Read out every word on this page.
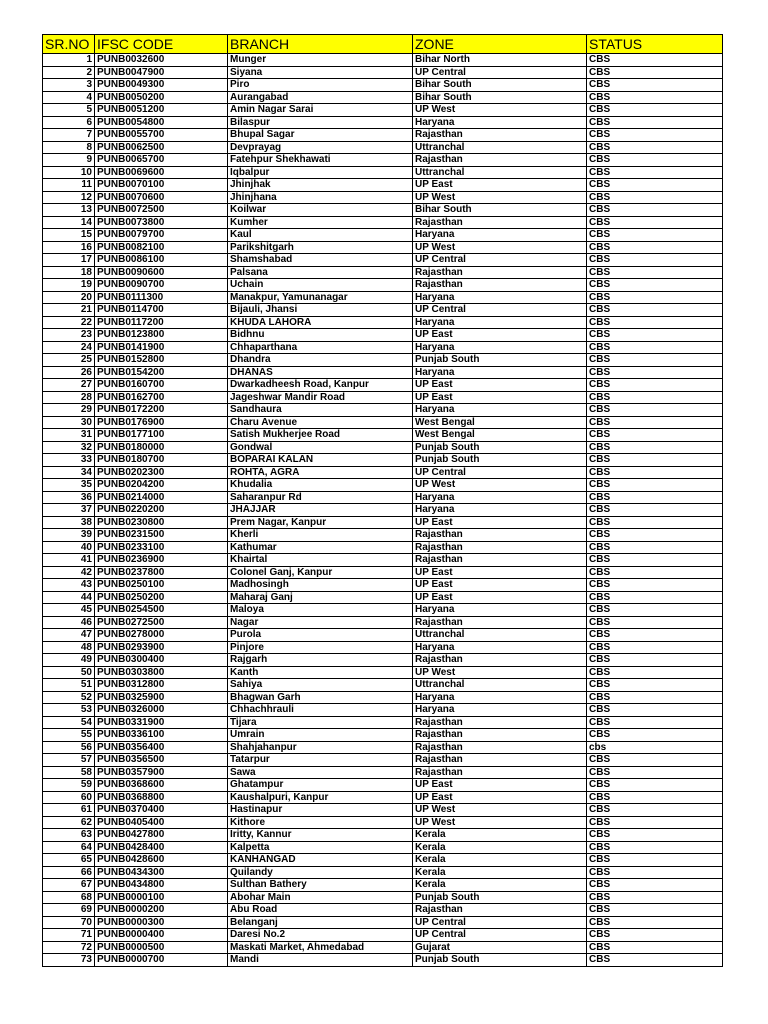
SR.NO	IFSC CODE	BRANCH	ZONE	STATUS
1	PUNB0032600	Munger	Bihar North	CBS
2	PUNB0047900	Siyana	UP Central	CBS
3	PUNB0049300	Piro	Bihar South	CBS
4	PUNB0050200	Aurangabad	Bihar South	CBS
5	PUNB0051200	Amin Nagar Sarai	UP West	CBS
6	PUNB0054800	Bilaspur	Haryana	CBS
7	PUNB0055700	Bhupal Sagar	Rajasthan	CBS
8	PUNB0062500	Devprayag	Uttranchal	CBS
9	PUNB0065700	Fatehpur Shekhawati	Rajasthan	CBS
10	PUNB0069600	Iqbalpur	Uttranchal	CBS
11	PUNB0070100	Jhinjhak	UP East	CBS
12	PUNB0070600	Jhinjhana	UP West	CBS
13	PUNB0072500	Koilwar	Bihar South	CBS
14	PUNB0073800	Kumher	Rajasthan	CBS
15	PUNB0079700	Kaul	Haryana	CBS
16	PUNB0082100	Parikshitgarh	UP West	CBS
17	PUNB0086100	Shamshabad	UP Central	CBS
18	PUNB0090600	Palsana	Rajasthan	CBS
19	PUNB0090700	Uchain	Rajasthan	CBS
20	PUNB0111300	Manakpur, Yamunanagar	Haryana	CBS
21	PUNB0114700	Bijauli, Jhansi	UP Central	CBS
22	PUNB0117200	KHUDA LAHORA	Haryana	CBS
23	PUNB0123800	Bidhnu	UP East	CBS
24	PUNB0141900	Chhaparthana	Haryana	CBS
25	PUNB0152800	Dhandra	Punjab South	CBS
26	PUNB0154200	DHANAS	Haryana	CBS
27	PUNB0160700	Dwarkadheesh Road, Kanpur	UP East	CBS
28	PUNB0162700	Jageshwar Mandir Road	UP East	CBS
29	PUNB0172200	Sandhaura	Haryana	CBS
30	PUNB0176900	Charu Avenue	West Bengal	CBS
31	PUNB0177100	Satish Mukherjee Road	West Bengal	CBS
32	PUNB0180000	Gondwal	Punjab South	CBS
33	PUNB0180700	BOPARAI KALAN	Punjab South	CBS
34	PUNB0202300	ROHTA, AGRA	UP Central	CBS
35	PUNB0204200	Khudalia	UP West	CBS
36	PUNB0214000	Saharanpur Rd	Haryana	CBS
37	PUNB0220200	JHAJJAR	Haryana	CBS
38	PUNB0230800	Prem Nagar, Kanpur	UP East	CBS
39	PUNB0231500	Kherli	Rajasthan	CBS
40	PUNB0233100	Kathumar	Rajasthan	CBS
41	PUNB0236900	Khairtal	Rajasthan	CBS
42	PUNB0237800	Colonel Ganj, Kanpur	UP East	CBS
43	PUNB0250100	Madhosingh	UP East	CBS
44	PUNB0250200	Maharaj Ganj	UP East	CBS
45	PUNB0254500	Maloya	Haryana	CBS
46	PUNB0272500	Nagar	Rajasthan	CBS
47	PUNB0278000	Purola	Uttranchal	CBS
48	PUNB0293900	Pinjore	Haryana	CBS
49	PUNB0300400	Rajgarh	Rajasthan	CBS
50	PUNB0303800	Kanth	UP West	CBS
51	PUNB0312800	Sahiya	Uttranchal	CBS
52	PUNB0325900	Bhagwan Garh	Haryana	CBS
53	PUNB0326000	Chhachhrauli	Haryana	CBS
54	PUNB0331900	Tijara	Rajasthan	CBS
55	PUNB0336100	Umrain	Rajasthan	CBS
56	PUNB0356400	Shahjahanpur	Rajasthan	cbs
57	PUNB0356500	Tatarpur	Rajasthan	CBS
58	PUNB0357900	Sawa	Rajasthan	CBS
59	PUNB0368600	Ghatampur	UP East	CBS
60	PUNB0368800	Kaushalpuri, Kanpur	UP East	CBS
61	PUNB0370400	Hastinapur	UP West	CBS
62	PUNB0405400	Kithore	UP West	CBS
63	PUNB0427800	Iritty, Kannur	Kerala	CBS
64	PUNB0428400	Kalpetta	Kerala	CBS
65	PUNB0428600	KANHANGAD	Kerala	CBS
66	PUNB0434300	Quilandy	Kerala	CBS
67	PUNB0434800	Sulthan Bathery	Kerala	CBS
68	PUNB0000100	Abohar Main	Punjab South	CBS
69	PUNB0000200	Abu Road	Rajasthan	CBS
70	PUNB0000300	Belanganj	UP Central	CBS
71	PUNB0000400	Daresi No.2	UP Central	CBS
72	PUNB0000500	Maskati Market, Ahmedabad	Gujarat	CBS
73	PUNB0000700	Mandi	Punjab South	CBS
